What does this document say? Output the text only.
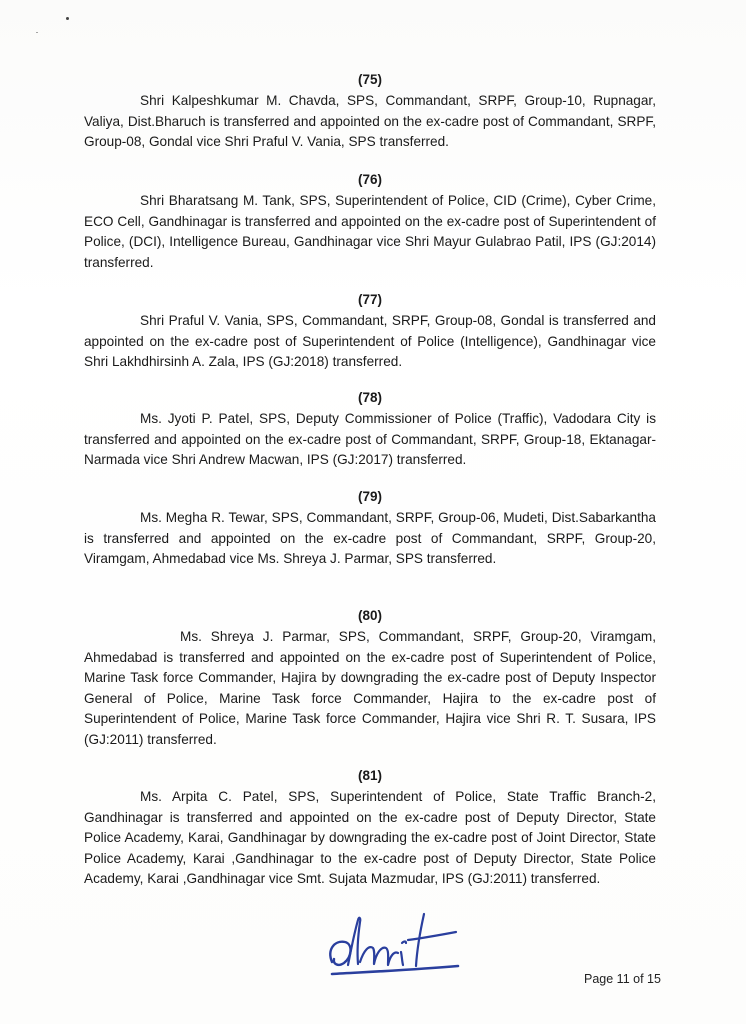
(75)

Shri Kalpeshkumar M. Chavda, SPS, Commandant, SRPF, Group-10, Rupnagar, Valiya, Dist.Bharuch is transferred and appointed on the ex-cadre post of Commandant, SRPF, Group-08, Gondal vice Shri Praful V. Vania, SPS transferred.

(76)

Shri Bharatsang M. Tank, SPS, Superintendent of Police, CID (Crime), Cyber Crime, ECO Cell, Gandhinagar is transferred and appointed on the ex-cadre post of Superintendent of Police, (DCI), Intelligence Bureau, Gandhinagar vice Shri Mayur Gulabrao Patil, IPS (GJ:2014) transferred.

(77)

Shri Praful V. Vania, SPS, Commandant, SRPF, Group-08, Gondal is transferred and appointed on the ex-cadre post of Superintendent of Police (Intelligence), Gandhinagar vice Shri Lakhdhirsinh A. Zala, IPS (GJ:2018) transferred.

(78)

Ms. Jyoti P. Patel, SPS, Deputy Commissioner of Police (Traffic), Vadodara City is transferred and appointed on the ex-cadre post of Commandant, SRPF, Group-18, Ektanagar-Narmada vice Shri Andrew Macwan, IPS (GJ:2017) transferred.

(79)

Ms. Megha R. Tewar, SPS, Commandant, SRPF, Group-06, Mudeti, Dist.Sabarkantha is transferred and appointed on the ex-cadre post of Commandant, SRPF, Group-20, Viramgam, Ahmedabad vice Ms. Shreya J. Parmar, SPS transferred.

(80)

Ms. Shreya J. Parmar, SPS, Commandant, SRPF, Group-20, Viramgam, Ahmedabad is transferred and appointed on the ex-cadre post of Superintendent of Police, Marine Task force Commander, Hajira by downgrading the ex-cadre post of Deputy Inspector General of Police, Marine Task force Commander, Hajira to the ex-cadre post of Superintendent of Police, Marine Task force Commander, Hajira vice Shri R. T. Susara, IPS (GJ:2011) transferred.

(81)

Ms. Arpita C. Patel, SPS, Superintendent of Police, State Traffic Branch-2, Gandhinagar is transferred and appointed on the ex-cadre post of Deputy Director, State Police Academy, Karai, Gandhinagar by downgrading the ex-cadre post of Joint Director, State Police Academy, Karai ,Gandhinagar to the ex-cadre post of Deputy Director, State Police Academy, Karai ,Gandhinagar vice Smt. Sujata Mazmudar, IPS (GJ:2011) transferred.

Page 11 of 15
